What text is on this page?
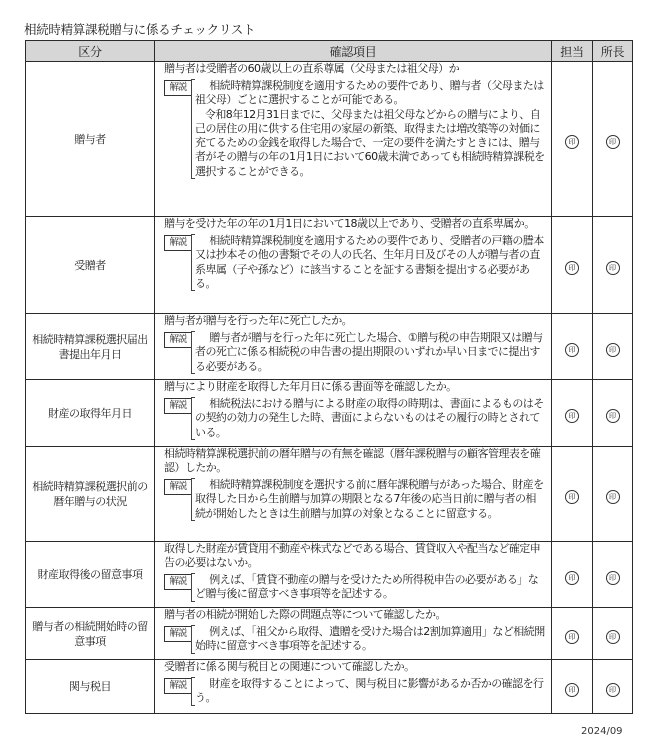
相続時精算課税贈与に係るチェックリスト
区分	確認項目	担当	所長
贈与者	贈与者は受贈者の60歳以上の直系尊属（父母または祖父母）か
解説 相続時精算課税制度を適用するための要件であり、贈与者（父母または祖父母）ごとに選択することが可能である。
令和8年12月31日までに、父母または祖父母などからの贈与により、自己の居住の用に供する住宅用の家屋の新築、取得または増改築等の対価に充てるための金銭を取得した場合で、一定の要件を満たすときには、贈与者がその贈与の年の1月1日において60歳未満であっても相続時精算課税を選択することができる。	印	印
受贈者	贈与を受けた年の年の1月1日において18歳以上であり、受贈者の直系卑属か。
解説 相続時精算課税制度を適用するための要件であり、受贈者の戸籍の謄本又は抄本その他の書類でその人の氏名、生年月日及びその人が贈与者の直系卑属（子や孫など）に該当することを証する書類を提出する必要がある。	印	印
相続時精算課税選択届出書提出年月日	贈与者が贈与を行った年に死亡したか。
解説 贈与者が贈与を行った年に死亡した場合、①贈与税の申告期限又は贈与者の死亡に係る相続税の申告書の提出期限のいずれか早い日までに提出する必要がある。	印	印
財産の取得年月日	贈与により財産を取得した年月日に係る書面等を確認したか。
解説 相続税法における贈与による財産の取得の時期は、書面によるものはその契約の効力の発生した時、書面によらないものはその履行の時とされている。	印	印
相続時精算課税選択前の暦年贈与の状況	相続時精算課税選択前の暦年贈与の有無を確認（暦年課税贈与の顧客管理表を確認）したか。
解説 相続時精算課税制度を選択する前に暦年課税贈与があった場合、財産を取得した日から生前贈与加算の期限となる7年後の応当日前に贈与者の相続が開始したときは生前贈与加算の対象となることに留意する。	印	印
財産取得後の留意事項	取得した財産が賃貸用不動産や株式などである場合、賃貸収入や配当など確定申告の必要はないか。
解説 例えば、「賃貸不動産の贈与を受けたため所得税申告の必要がある」など贈与後に留意すべき事項等を記述する。	印	印
贈与者の相続開始時の留意事項	贈与者の相続が開始した際の問題点等について確認したか。
解説 例えば、「祖父から取得、遺贈を受けた場合は2割加算適用」など相続開始時に留意すべき事項等を記述する。	印	印
関与税目	受贈者に係る関与税目との関連について確認したか。
解説 財産を取得することによって、関与税目に影響があるか否かの確認を行う。	印	印
2024/09
